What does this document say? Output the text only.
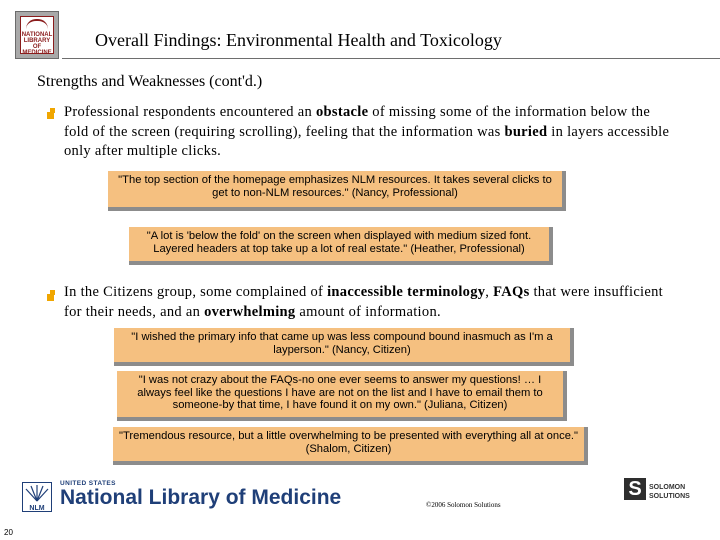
NATIONAL
LIBRARY OF
MEDICINE
Overall Findings: Environmental Health and Toxicology
Strengths and Weaknesses (cont'd.)
Professional respondents encountered an obstacle of missing some of the information below the fold of the screen (requiring scrolling), feeling that the information was buried in layers accessible only after multiple clicks.
"The top section of the homepage emphasizes NLM resources. It takes several clicks to get to non-NLM resources." (Nancy, Professional)
"A lot is 'below the fold' on the screen when displayed with medium sized font. Layered headers at top take up a lot of real estate." (Heather, Professional)
In the Citizens group, some complained of inaccessible terminology, FAQs that were insufficient for their needs, and an overwhelming amount of information.
"I wished the primary info that came up was less compound bound inasmuch as I'm a layperson." (Nancy, Citizen)
"I was not crazy about the FAQs-no one ever seems to answer my questions! … I always feel like the questions I have are not on the list and I have to email them to someone-by that time, I have found it on my own." (Juliana, Citizen)
"Tremendous resource, but a little overwhelming to be presented with everything all at once." (Shalom, Citizen)
NLM
UNITED STATES
National Library of Medicine	©2006 Solomon Solutions
S	SOLOMON
SOLUTIONS
20
